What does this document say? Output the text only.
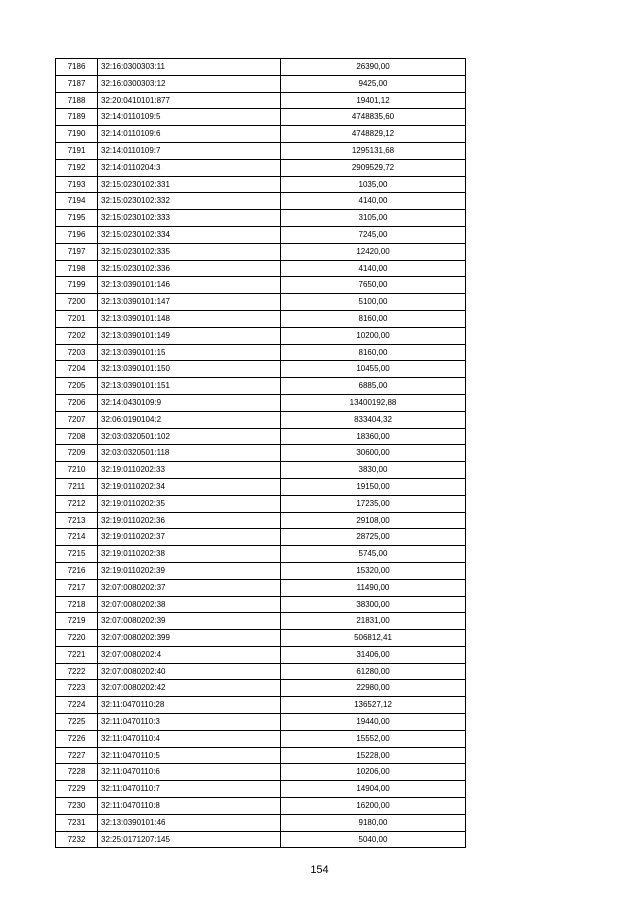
7186	32:16:0300303:11	26390,00
7187	32:16:0300303:12	9425,00
7188	32:20:0410101:877	19401,12
7189	32:14:0110109:5	4748835,60
7190	32:14:0110109:6	4748829,12
7191	32:14:0110109:7	1295131,68
7192	32:14:0110204:3	2909529,72
7193	32:15:0230102:331	1035,00
7194	32:15:0230102:332	4140,00
7195	32:15:0230102:333	3105,00
7196	32:15:0230102:334	7245,00
7197	32:15:0230102:335	12420,00
7198	32:15:0230102:336	4140,00
7199	32:13:0390101:146	7650,00
7200	32:13:0390101:147	5100,00
7201	32:13:0390101:148	8160,00
7202	32:13:0390101:149	10200,00
7203	32:13:0390101:15	8160,00
7204	32:13:0390101:150	10455,00
7205	32:13:0390101:151	6885,00
7206	32:14:0430109:9	13400192,88
7207	32:06:0190104:2	833404,32
7208	32:03:0320501:102	18360,00
7209	32:03:0320501:118	30600,00
7210	32:19:0110202:33	3830,00
7211	32:19:0110202:34	19150,00
7212	32:19:0110202:35	17235,00
7213	32:19:0110202:36	29108,00
7214	32:19:0110202:37	28725,00
7215	32:19:0110202:38	5745,00
7216	32:19:0110202:39	15320,00
7217	32:07:0080202:37	11490,00
7218	32:07:0080202:38	38300,00
7219	32:07:0080202:39	21831,00
7220	32:07:0080202:399	506812,41
7221	32:07:0080202:4	31406,00
7222	32:07:0080202:40	61280,00
7223	32:07:0080202:42	22980,00
7224	32:11:0470110:28	136527,12
7225	32:11:0470110:3	19440,00
7226	32:11:0470110:4	15552,00
7227	32:11:0470110:5	15228,00
7228	32:11:0470110:6	10206,00
7229	32:11:0470110:7	14904,00
7230	32:11:0470110:8	16200,00
7231	32:13:0390101:46	9180,00
7232	32:25:0171207:145	5040,00
154
